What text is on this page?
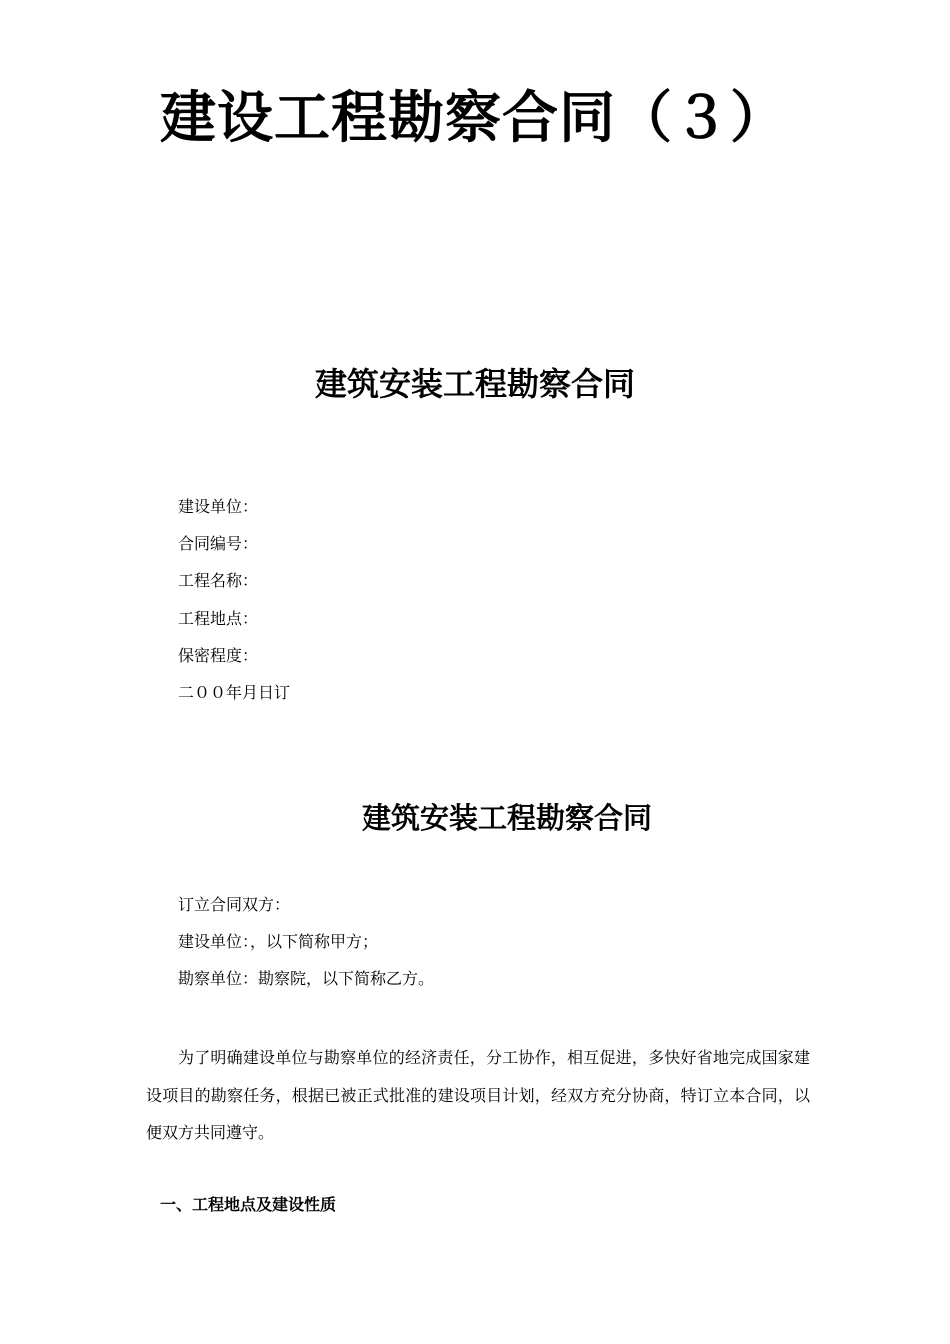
建设工程勘察合同（３）
建筑安装工程勘察合同
建设单位：
合同编号：
工程名称：
工程地点：
保密程度：
二００年月日订
建筑安装工程勘察合同
订立合同双方：
建设单位：，以下简称甲方；
勘察单位：勘察院，以下简称乙方。

为了明确建设单位与勘察单位的经济责任，分工协作，相互促进，多快好省地完成国家建设项目的勘察任务，根据已被正式批准的建设项目计划，经双方充分协商，特订立本合同，以便双方共同遵守。

一、工程地点及建设性质
